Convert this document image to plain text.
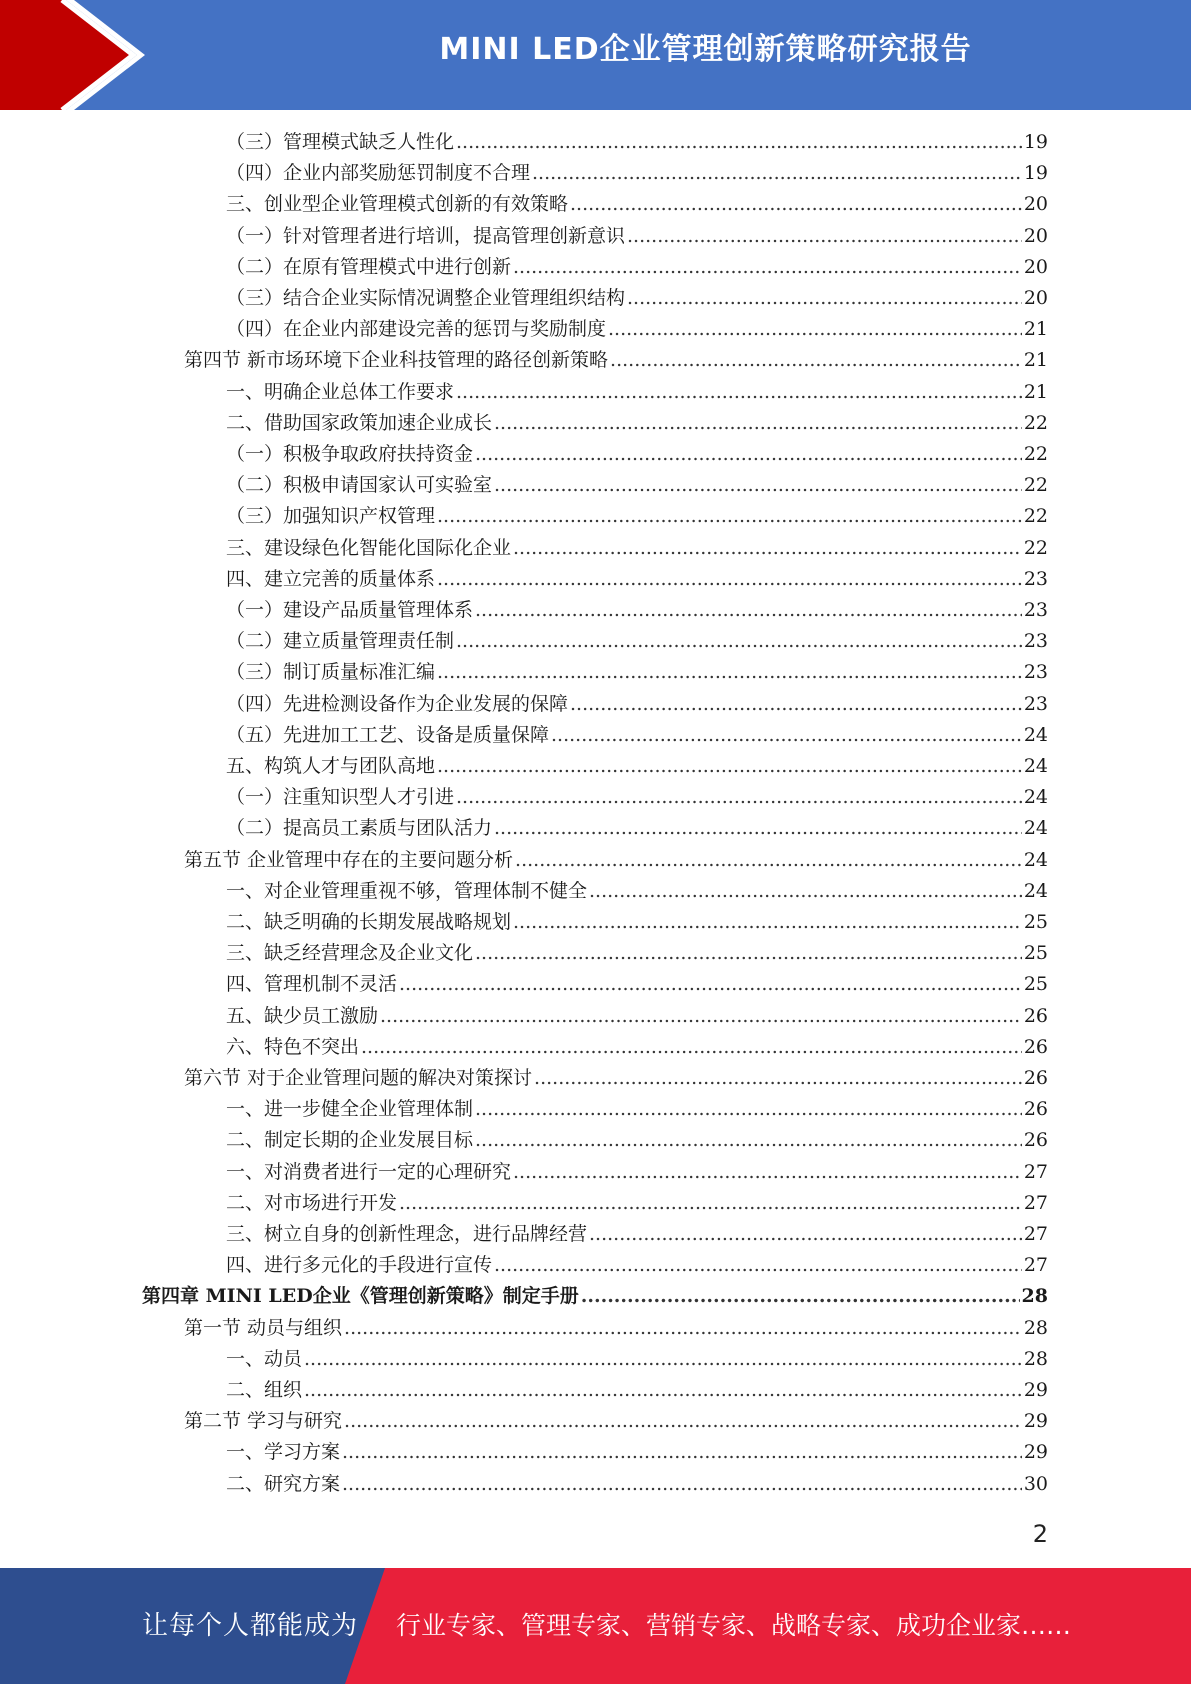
MINI LED企业管理创新策略研究报告
（三）管理模式缺乏人性化 .....	19
（四）企业内部奖励惩罚制度不合理 .....	19
三、创业型企业管理模式创新的有效策略 .....	20
（一）针对管理者进行培训，提高管理创新意识 .....	20
（二）在原有管理模式中进行创新 .....	20
（三）结合企业实际情况调整企业管理组织结构 .....	20
（四）在企业内部建设完善的惩罚与奖励制度 .....	21
第四节 新市场环境下企业科技管理的路径创新策略 .....	21
一、明确企业总体工作要求 .....	21
二、借助国家政策加速企业成长 .....	22
（一）积极争取政府扶持资金 .....	22
（二）积极申请国家认可实验室 .....	22
（三）加强知识产权管理 .....	22
三、建设绿色化智能化国际化企业 .....	22
四、建立完善的质量体系 .....	23
（一）建设产品质量管理体系 .....	23
（二）建立质量管理责任制 .....	23
（三）制订质量标准汇编 .....	23
（四）先进检测设备作为企业发展的保障 .....	23
（五）先进加工工艺、设备是质量保障 .....	24
五、构筑人才与团队高地 .....	24
（一）注重知识型人才引进 .....	24
（二）提高员工素质与团队活力 .....	24
第五节 企业管理中存在的主要问题分析 .....	24
一、对企业管理重视不够，管理体制不健全 .....	24
二、缺乏明确的长期发展战略规划 .....	25
三、缺乏经营理念及企业文化 .....	25
四、管理机制不灵活 .....	25
五、缺少员工激励 .....	26
六、特色不突出 .....	26
第六节 对于企业管理问题的解决对策探讨 .....	26
一、进一步健全企业管理体制 .....	26
二、制定长期的企业发展目标 .....	26
一、对消费者进行一定的心理研究 .....	27
二、对市场进行开发 .....	27
三、树立自身的创新性理念，进行品牌经营 .....	27
四、进行多元化的手段进行宣传 .....	27
第四章 MINI LED企业《管理创新策略》制定手册 .....	28
第一节 动员与组织 .....	28
一、动员 .....	28
二、组织 .....	29
第二节 学习与研究 .....	29
一、学习方案 .....	29
二、研究方案 .....	30
2
让每个人都能成为 行业专家、管理专家、营销专家、战略专家、成功企业家……
